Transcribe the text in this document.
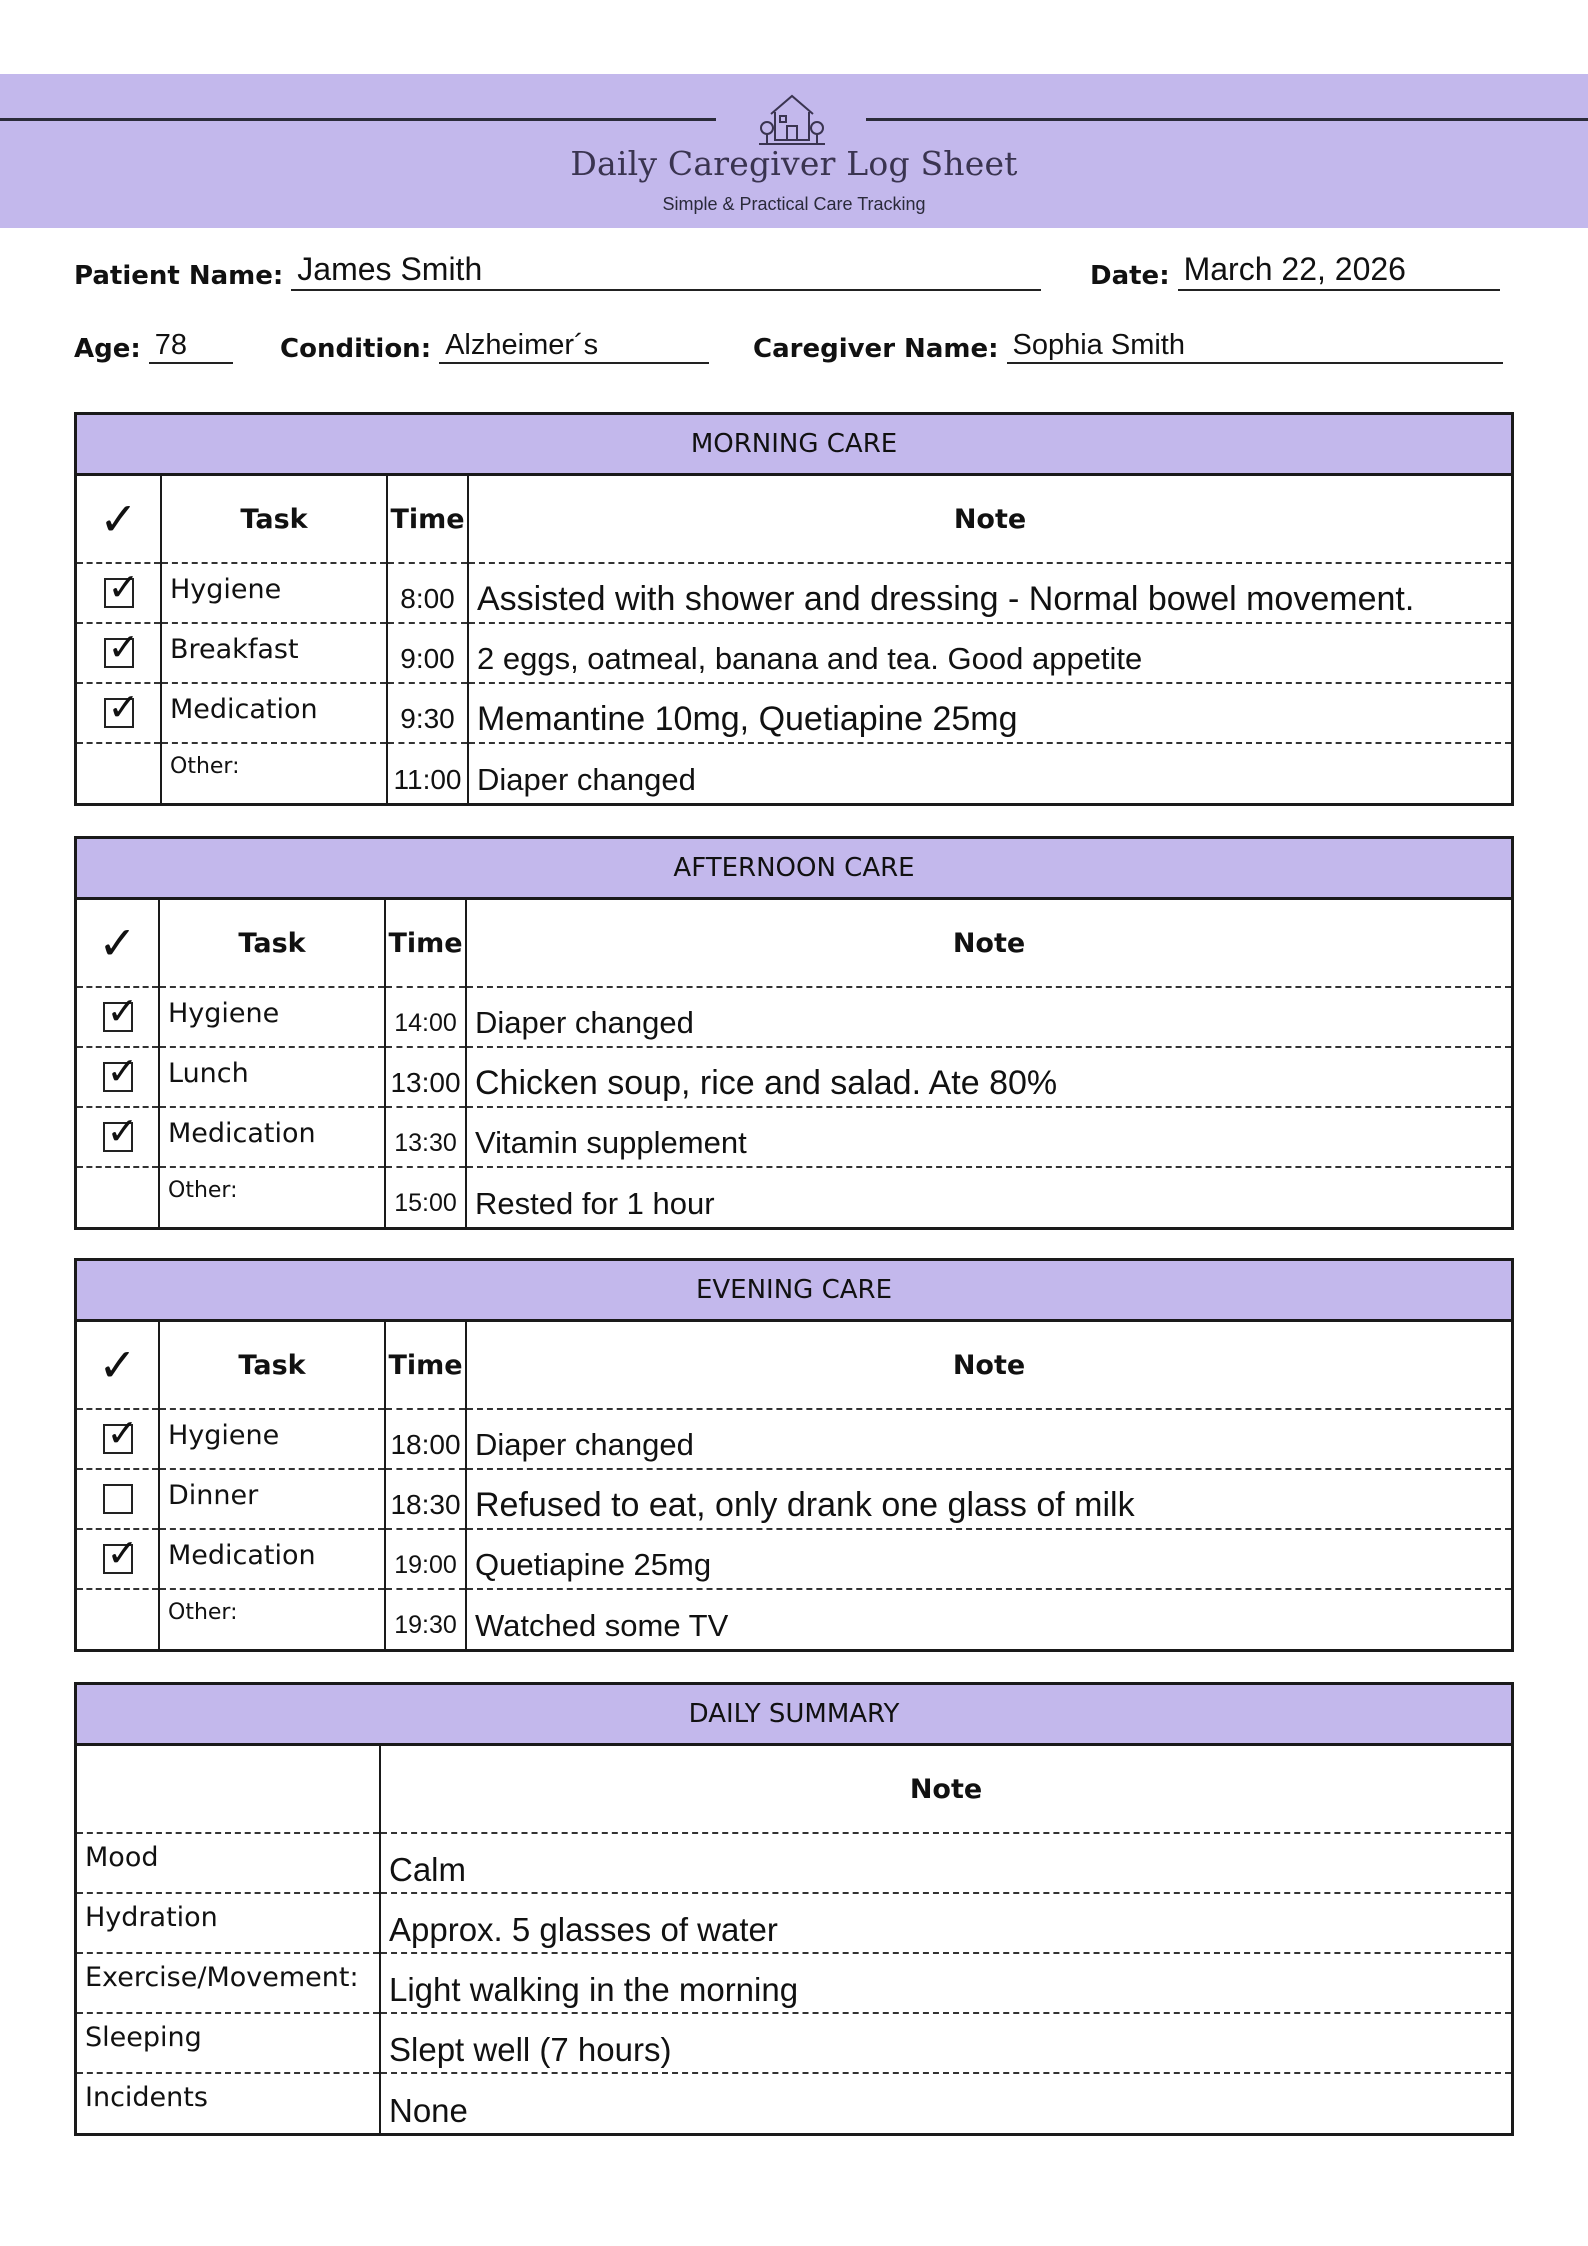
Daily Caregiver Log Sheet
Simple & Practical Care Tracking
Patient Name: James Smith	Date: March 22, 2026
Age: 78	Condition: Alzheimer´s	Caregiver Name: Sophia Smith
MORNING CARE
✓	Task	Time	Note

✓	Hygiene	8:00	Assisted with shower and dressing - Normal bowel movement.

✓	Breakfast	9:00	2 eggs, oatmeal, banana and tea. Good appetite

✓	Medication	9:30	Memantine 10mg, Quetiapine 25mg
	Other:	11:00	Diaper changed
AFTERNOON CARE
✓	Task	Time	Note

✓	Hygiene	14:00	Diaper changed

✓	Lunch	13:00	Chicken soup, rice and salad. Ate 80%

✓	Medication	13:30	Vitamin supplement
	Other:	15:00	Rested for 1 hour
EVENING CARE
✓	Task	Time	Note

✓	Hygiene	18:00	Diaper changed
	Dinner	18:30	Refused to eat, only drank one glass of milk

✓	Medication	19:00	Quetiapine 25mg
	Other:	19:30	Watched some TV
DAILY SUMMARY
	Note
Mood	Calm
Hydration	Approx. 5 glasses of water
Exercise/Movement:	Light walking in the morning
Sleeping	Slept well (7 hours)
Incidents	None
